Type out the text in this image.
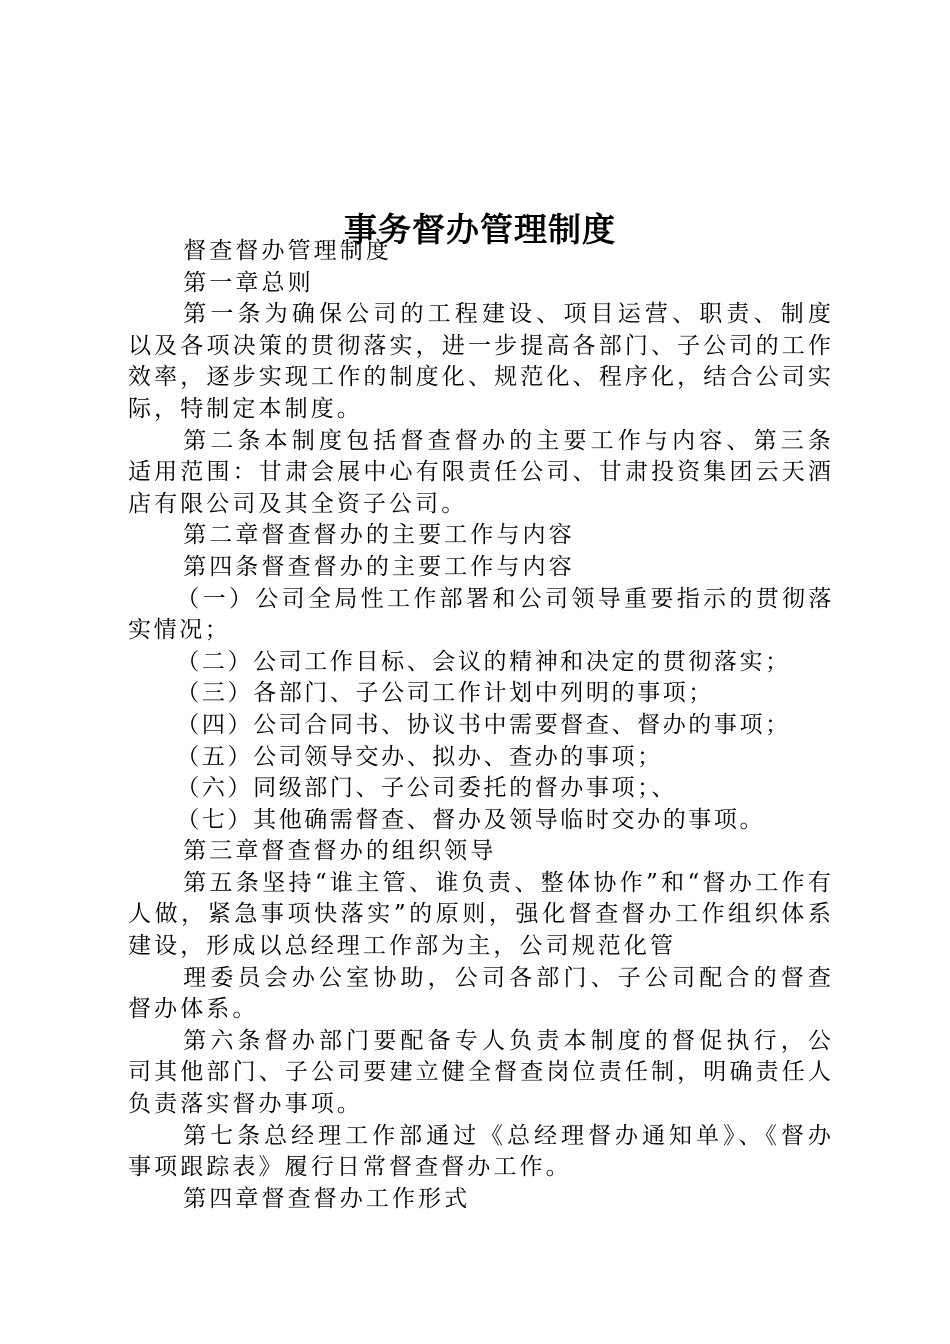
事务督办管理制度

督查督办管理制度

第一章总则

第一条为确保公司的工程建设、项目运营、职责、制度以及各项决策的贯彻落实，进一步提高各部门、子公司的工作效率，逐步实现工作的制度化、规范化、程序化，结合公司实际，特制定本制度。

第二条本制度包括督查督办的主要工作与内容、第三条适用范围：甘肃会展中心有限责任公司、甘肃投资集团云天酒店有限公司及其全资子公司。

第二章督查督办的主要工作与内容

第四条督查督办的主要工作与内容

（一）公司全局性工作部署和公司领导重要指示的贯彻落实情况；

（二）公司工作目标、会议的精神和决定的贯彻落实；

（三）各部门、子公司工作计划中列明的事项；

（四）公司合同书、协议书中需要督查、督办的事项；

（五）公司领导交办、拟办、查办的事项；

（六）同级部门、子公司委托的督办事项；、

（七）其他确需督查、督办及领导临时交办的事项。

第三章督查督办的组织领导

第五条坚持“谁主管、谁负责、整体协作”和“督办工作有人做，紧急事项快落实”的原则，强化督查督办工作组织体系建设，形成以总经理工作部为主，公司规范化管

理委员会办公室协助，公司各部门、子公司配合的督查督办体系。

第六条督办部门要配备专人负责本制度的督促执行，公司其他部门、子公司要建立健全督查岗位责任制，明确责任人负责落实督办事项。

第七条总经理工作部通过《总经理督办通知单》、《督办事项跟踪表》履行日常督查督办工作。

第四章督查督办工作形式
